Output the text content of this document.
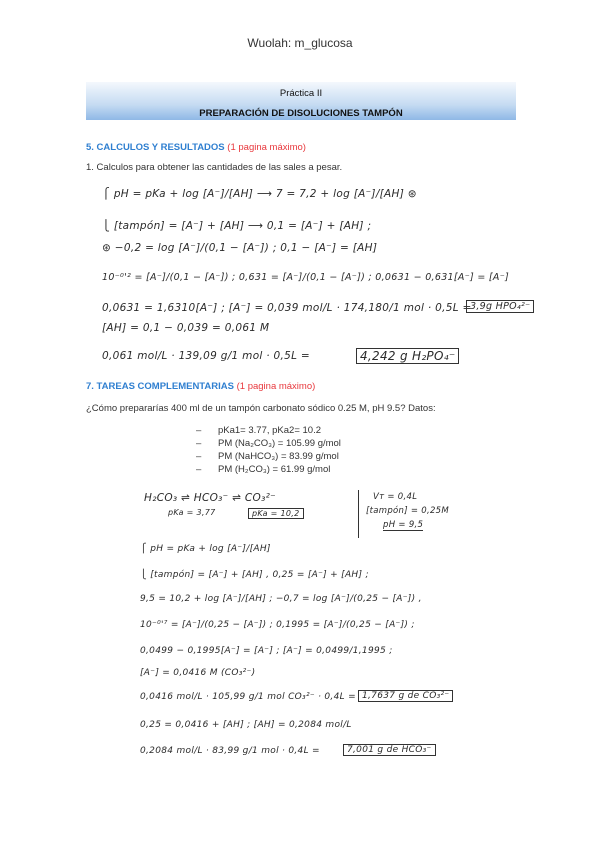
Wuolah: m_glucosa
Práctica II
PREPARACIÓN DE DISOLUCIONES TAMPÓN
5. CALCULOS Y RESULTADOS (1 pagina máximo)
1. Calculos para obtener las cantidades de las sales a pesar.
⎧ pH = pKa + log [A⁻]/[AH] ⟶ 7 = 7,2 + log [A⁻]/[AH] ⊛
⎩ [tampón] = [A⁻] + [AH] ⟶ 0,1 = [A⁻] + [AH] ;
⊛ −0,2 = log [A⁻]/(0,1 − [A⁻]) ; 0,1 − [A⁻] = [AH]
10⁻⁰'² = [A⁻]/(0,1 − [A⁻]) ; 0,631 = [A⁻]/(0,1 − [A⁻]) ; 0,0631 − 0,631[A⁻] = [A⁻]
0,0631 = 1,6310[A⁻] ; [A⁻] = 0,039 mol/L · 174,180/1 mol · 0,5L =
3,9g HPO₄²⁻
[AH] = 0,1 − 0,039 = 0,061 M
0,061 mol/L · 139,09 g/1 mol · 0,5L =	4,242 g H₂PO₄⁻
7. TAREAS COMPLEMENTARIAS (1 pagina máximo)
¿Cómo prepararías 400 ml de un tampón carbonato sódico 0.25 M, pH 9.5? Datos:
– pKa1= 3.77, pKa2= 10.2
– PM (Na₂CO₃) = 105.99 g/mol
– PM (NaHCO₃) = 83.99 g/mol
– PM (H₂CO₃) = 61.99 g/mol
H₂CO₃ ⇌ HCO₃⁻ ⇌ CO₃²⁻
pKa = 3,77	pKa = 10,2
Vт = 0,4L
[tampón] = 0,25M
pH = 9,5
⎧ pH = pKa + log [A⁻]/[AH]
⎩ [tampón] = [A⁻] + [AH] , 0,25 = [A⁻] + [AH] ;
9,5 = 10,2 + log [A⁻]/[AH] ; −0,7 = log [A⁻]/(0,25 − [A⁻]) ,
10⁻⁰'⁷ = [A⁻]/(0,25 − [A⁻]) ; 0,1995 = [A⁻]/(0,25 − [A⁻]) ;
0,0499 − 0,1995[A⁻] = [A⁻] ; [A⁻] = 0,0499/1,1995 ;
[A⁻] = 0,0416 M (CO₃²⁻)
0,0416 mol/L · 105,99 g/1 mol CO₃²⁻ · 0,4L = 1,7637 g de CO₃²⁻
0,25 = 0,0416 + [AH] ; [AH] = 0,2084 mol/L
0,2084 mol/L · 83,99 g/1 mol · 0,4L =	7,001 g de HCO₃⁻
